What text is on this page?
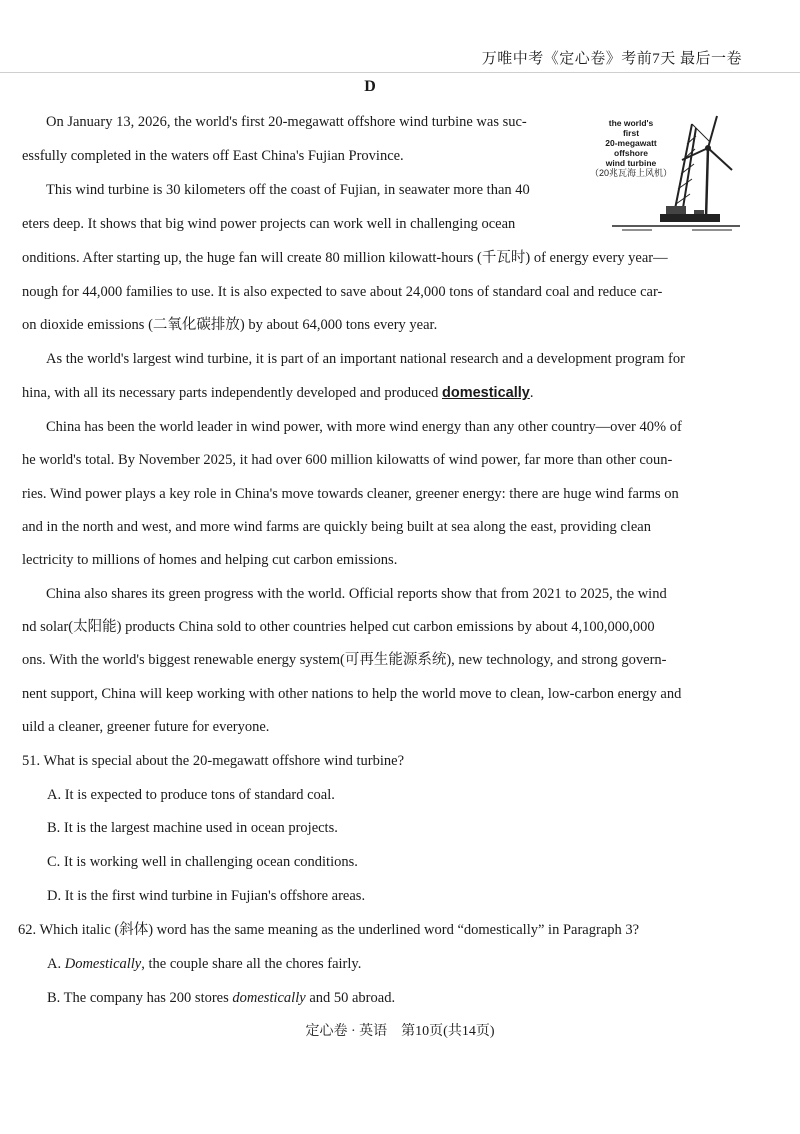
万唯中考《定心卷》考前7天 最后一卷
D
the world's
first
20-megawatt
offshore
wind turbine
（20兆瓦海上风机）
On January 13, 2026, the world's first 20-megawatt offshore wind turbine was suc-
essfully completed in the waters off East China's Fujian Province.
This wind turbine is 30 kilometers off the coast of Fujian, in seawater more than 40
eters deep. It shows that big wind power projects can work well in challenging ocean
onditions. After starting up, the huge fan will create 80 million kilowatt-hours (千瓦时) of energy every year—
nough for 44,000 families to use. It is also expected to save about 24,000 tons of standard coal and reduce car-
on dioxide emissions (二氧化碳排放) by about 64,000 tons every year.
As the world's largest wind turbine, it is part of an important national research and a development program for
hina, with all its necessary parts independently developed and produced domestically.
China has been the world leader in wind power, with more wind energy than any other country—over 40% of
he world's total. By November 2025, it had over 600 million kilowatts of wind power, far more than other coun-
ries. Wind power plays a key role in China's move towards cleaner, greener energy: there are huge wind farms on
and in the north and west, and more wind farms are quickly being built at sea along the east, providing clean
lectricity to millions of homes and helping cut carbon emissions.
China also shares its green progress with the world. Official reports show that from 2021 to 2025, the wind
nd solar(太阳能) products China sold to other countries helped cut carbon emissions by about 4,100,000,000
ons. With the world's biggest renewable energy system(可再生能源系统), new technology, and strong govern-
nent support, China will keep working with other nations to help the world move to clean, low-carbon energy and
uild a cleaner, greener future for everyone.
51. What is special about the 20-megawatt offshore wind turbine?
A. It is expected to produce tons of standard coal.
B. It is the largest machine used in ocean projects.
C. It is working well in challenging ocean conditions.
D. It is the first wind turbine in Fujian's offshore areas.
62. Which italic (斜体) word has the same meaning as the underlined word “domestically” in Paragraph 3?
A. Domestically, the couple share all the chores fairly.
B. The company has 200 stores domestically and 50 abroad.
定心卷 · 英语　第10页(共14页)
